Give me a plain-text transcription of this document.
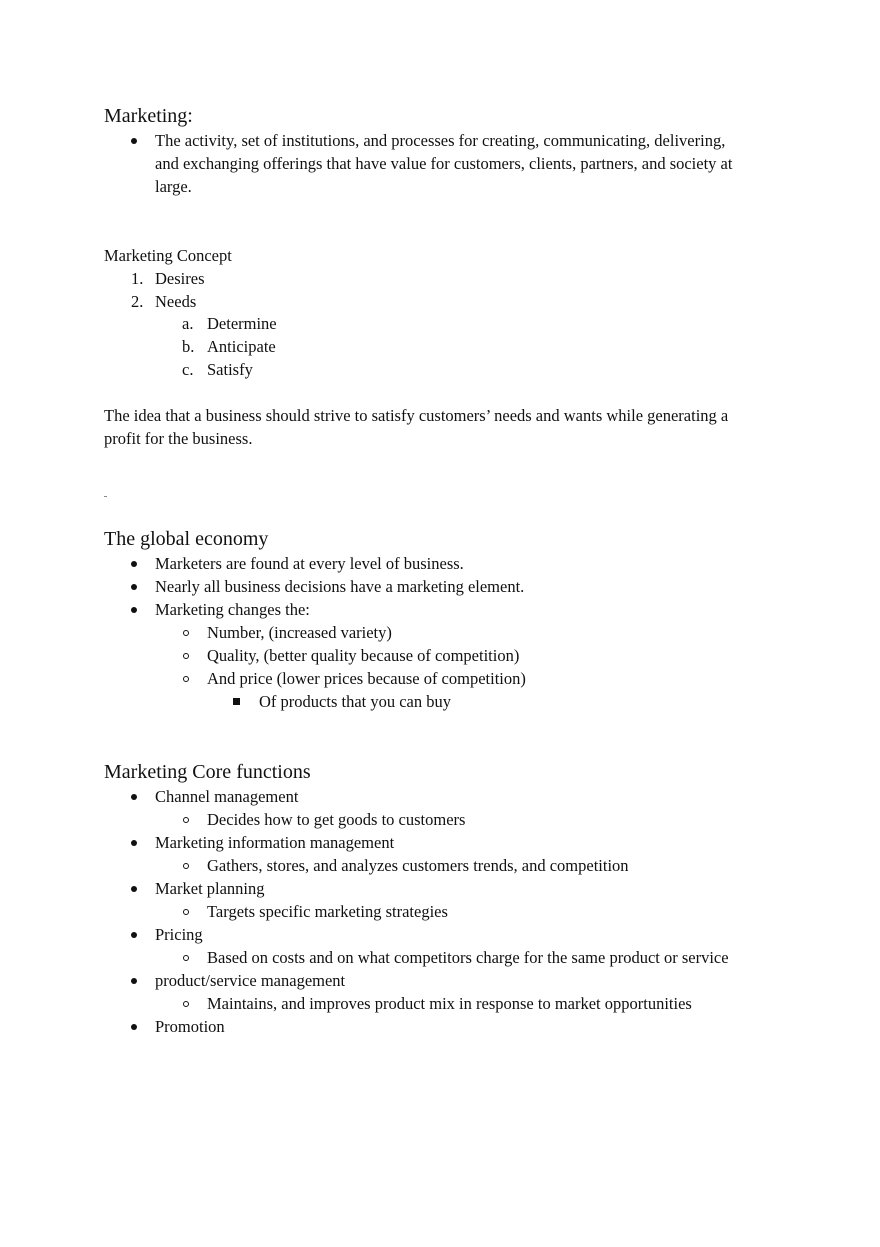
Marketing:
The activity, set of institutions, and processes for creating, communicating, delivering,
and exchanging offerings that have value for customers, clients, partners, and society at
large.
Marketing Concept
1. Desires
2. Needs
a. Determine
b. Anticipate
c. Satisfy
The idea that a business should strive to satisfy customers’ needs and wants while generating a
profit for the business.
The global economy
Marketers are found at every level of business.
Nearly all business decisions have a marketing element.
Marketing changes the:
Number, (increased variety)
Quality, (better quality because of competition)
And price (lower prices because of competition)
Of products that you can buy
Marketing Core functions
Channel management
Decides how to get goods to customers
Marketing information management
Gathers, stores, and analyzes customers trends, and competition
Market planning
Targets specific marketing strategies
Pricing
Based on costs and on what competitors charge for the same product or service
product/service management
Maintains, and improves product mix in response to market opportunities
Promotion
